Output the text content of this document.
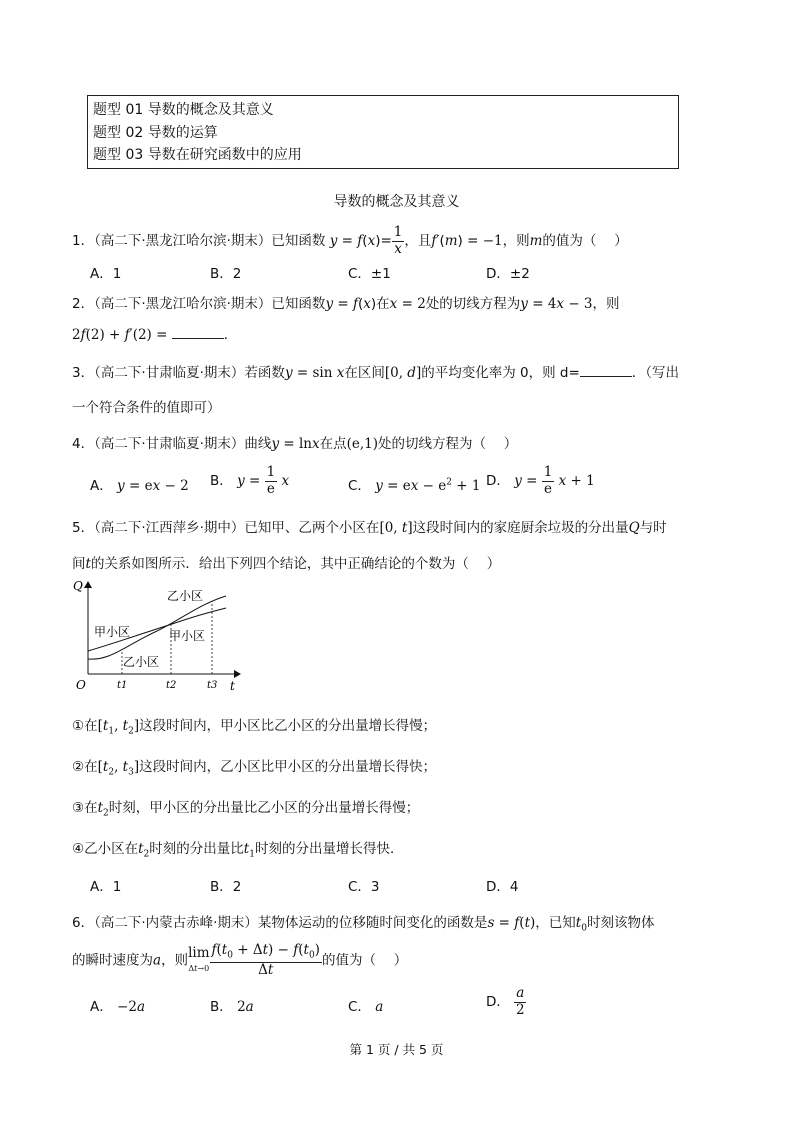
题型 01 导数的概念及其意义
题型 02 导数的运算
题型 03 导数在研究函数中的应用
导数的概念及其意义
1．（高二下·黑龙江哈尔滨·期末）已知函数 $y = f(x)= \frac{1}{x}$ ，且f′(m) = −1，则m的值为（　 ）
A．1	B．2	C．±1	D．±2
2．（高二下·黑龙江哈尔滨·期末）已知函数y = f(x)在x = 2处的切线方程为y = 4x − 3，则
2f(2) + f′(2) =	．
3．（高二下·甘肃临夏·期末）若函数y = sin x在区间[0, d]的平均变化率为 0，则 d=	．（写出
一个符合条件的值即可）
4．（高二下·甘肃临夏·期末）曲线y = lnx在点(e,1)处的切线方程为（　 ）
A． y = ex − 2 B． $y = \frac{1}{e}$ x	C． y = ex − $e^2 + 1$ D． $y = \frac{1}{e}$ x + 1
5．（高二下·江西萍乡·期中）已知甲、乙两个小区在[0, t]这段时间内的家庭厨余垃圾的分出量Q与时
间t的关系如图所示．给出下列四个结论，其中正确结论的个数为（　 ）
Q
t
O	t1	t2	t3
乙小区
甲小区	甲小区
乙小区
①在[$t_1$, $t_2$]这段时间内，甲小区比乙小区的分出量增长得慢；
②在[$t_2$, $t_3$]这段时间内，乙小区比甲小区的分出量增长得快；
③在$t_2$时刻，甲小区的分出量比乙小区的分出量增长得慢；
④乙小区在$t_2$时刻的分出量比$t_1$时刻的分出量增长得快．
A．1	B．2	C．3	D．4
6．（高二下·内蒙古赤峰·期末）某物体运动的位移随时间变化的函数是s = f(t)，已知$t_0$时刻该物体
的瞬时速度为a，则lim
$\Delta t\to 0 \frac{f(t_0 + \Delta t) - f(t_0)}{\Delta t}$ 的值为（　 ）
A． −2a	B． 2a	C． a	D． $\frac{a}{2}$
第 1 页 / 共 5 页
